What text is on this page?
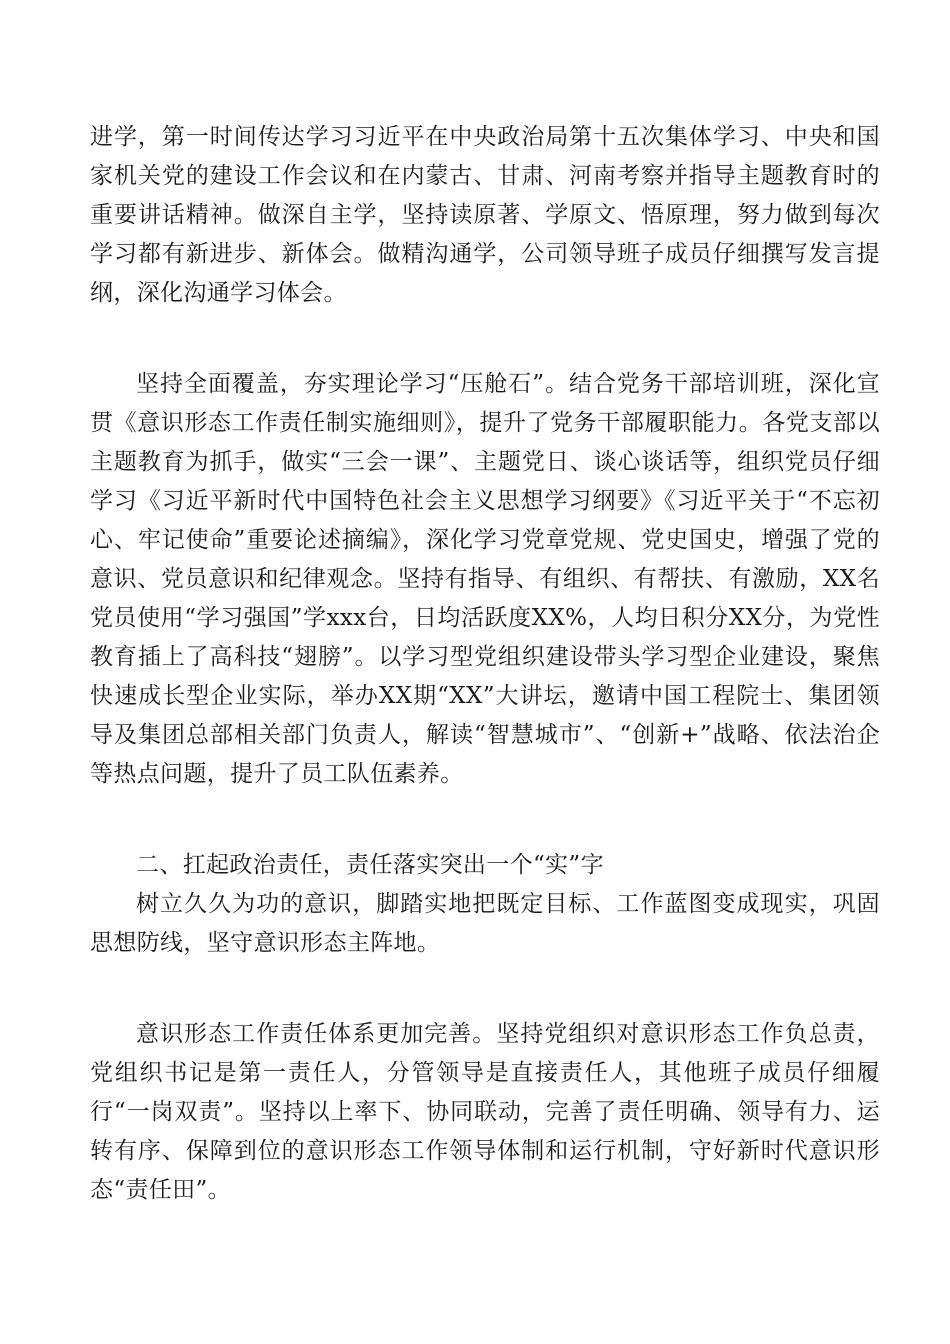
进学，第一时间传达学习习近平在中央政治局第十五次集体学习、中央和国家机关党的建设工作会议和在内蒙古、甘肃、河南考察并指导主题教育时的重要讲话精神。做深自主学，坚持读原著、学原文、悟原理，努力做到每次学习都有新进步、新体会。做精沟通学，公司领导班子成员仔细撰写发言提纲，深化沟通学习体会。

坚持全面覆盖，夯实理论学习“压舱石”。结合党务干部培训班，深化宣贯《意识形态工作责任制实施细则》，提升了党务干部履职能力。各党支部以主题教育为抓手，做实“三会一课”、主题党日、谈心谈话等，组织党员仔细学习《习近平新时代中国特色社会主义思想学习纲要》《习近平关于“不忘初心、牢记使命”重要论述摘编》，深化学习党章党规、党史国史，增强了党的意识、党员意识和纪律观念。坚持有指导、有组织、有帮扶、有激励，XX名党员使用“学习强国”学xxx台，日均活跃度XX%，人均日积分XX分，为党性教育插上了高科技“翅膀”。以学习型党组织建设带头学习型企业建设，聚焦快速成长型企业实际，举办XX期“XX”大讲坛，邀请中国工程院士、集团领导及集团总部相关部门负责人，解读“智慧城市”、“创新+”战略、依法治企等热点问题，提升了员工队伍素养。

二、扛起政治责任，责任落实突出一个“实”字

树立久久为功的意识，脚踏实地把既定目标、工作蓝图变成现实，巩固思想防线，坚守意识形态主阵地。

意识形态工作责任体系更加完善。坚持党组织对意识形态工作负总责，党组织书记是第一责任人，分管领导是直接责任人，其他班子成员仔细履行“一岗双责”。坚持以上率下、协同联动，完善了责任明确、领导有力、运转有序、保障到位的意识形态工作领导体制和运行机制，守好新时代意识形态“责任田”。
